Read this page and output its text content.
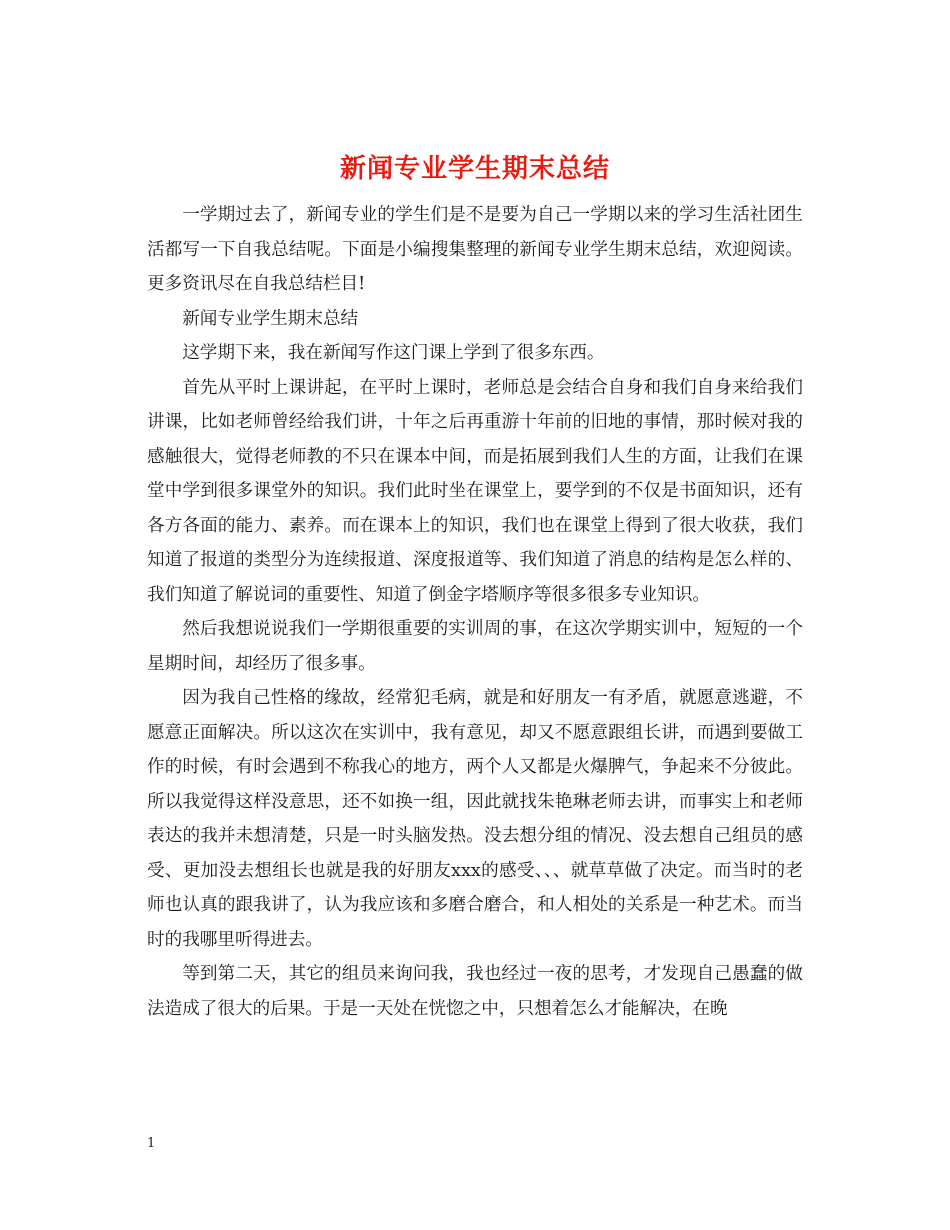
新闻专业学生期末总结

一学期过去了，新闻专业的学生们是不是要为自己一学期以来的学习生活社团生活都写一下自我总结呢。下面是小编搜集整理的新闻专业学生期末总结，欢迎阅读。更多资讯尽在自我总结栏目!

新闻专业学生期末总结

这学期下来，我在新闻写作这门课上学到了很多东西。

首先从平时上课讲起，在平时上课时，老师总是会结合自身和我们自身来给我们讲课，比如老师曾经给我们讲，十年之后再重游十年前的旧地的事情，那时候对我的感触很大，觉得老师教的不只在课本中间，而是拓展到我们人生的方面，让我们在课堂中学到很多课堂外的知识。我们此时坐在课堂上，要学到的不仅是书面知识，还有各方各面的能力、素养。而在课本上的知识，我们也在课堂上得到了很大收获，我们知道了报道的类型分为连续报道、深度报道等、我们知道了消息的结构是怎么样的、我们知道了解说词的重要性、知道了倒金字塔顺序等很多很多专业知识。

然后我想说说我们一学期很重要的实训周的事，在这次学期实训中，短短的一个星期时间，却经历了很多事。

因为我自己性格的缘故，经常犯毛病，就是和好朋友一有矛盾，就愿意逃避，不愿意正面解决。所以这次在实训中，我有意见，却又不愿意跟组长讲，而遇到要做工作的时候，有时会遇到不称我心的地方，两个人又都是火爆脾气，争起来不分彼此。所以我觉得这样没意思，还不如换一组，因此就找朱艳琳老师去讲，而事实上和老师表达的我并未想清楚，只是一时头脑发热。没去想分组的情况、没去想自己组员的感受、更加没去想组长也就是我的好朋友xxx的感受、、、就草草做了决定。而当时的老师也认真的跟我讲了，认为我应该和多磨合磨合，和人相处的关系是一种艺术。而当时的我哪里听得进去。

等到第二天，其它的组员来询问我，我也经过一夜的思考，才发现自己愚蠢的做法造成了很大的后果。于是一天处在恍惚之中，只想着怎么才能解决，在晚

1
